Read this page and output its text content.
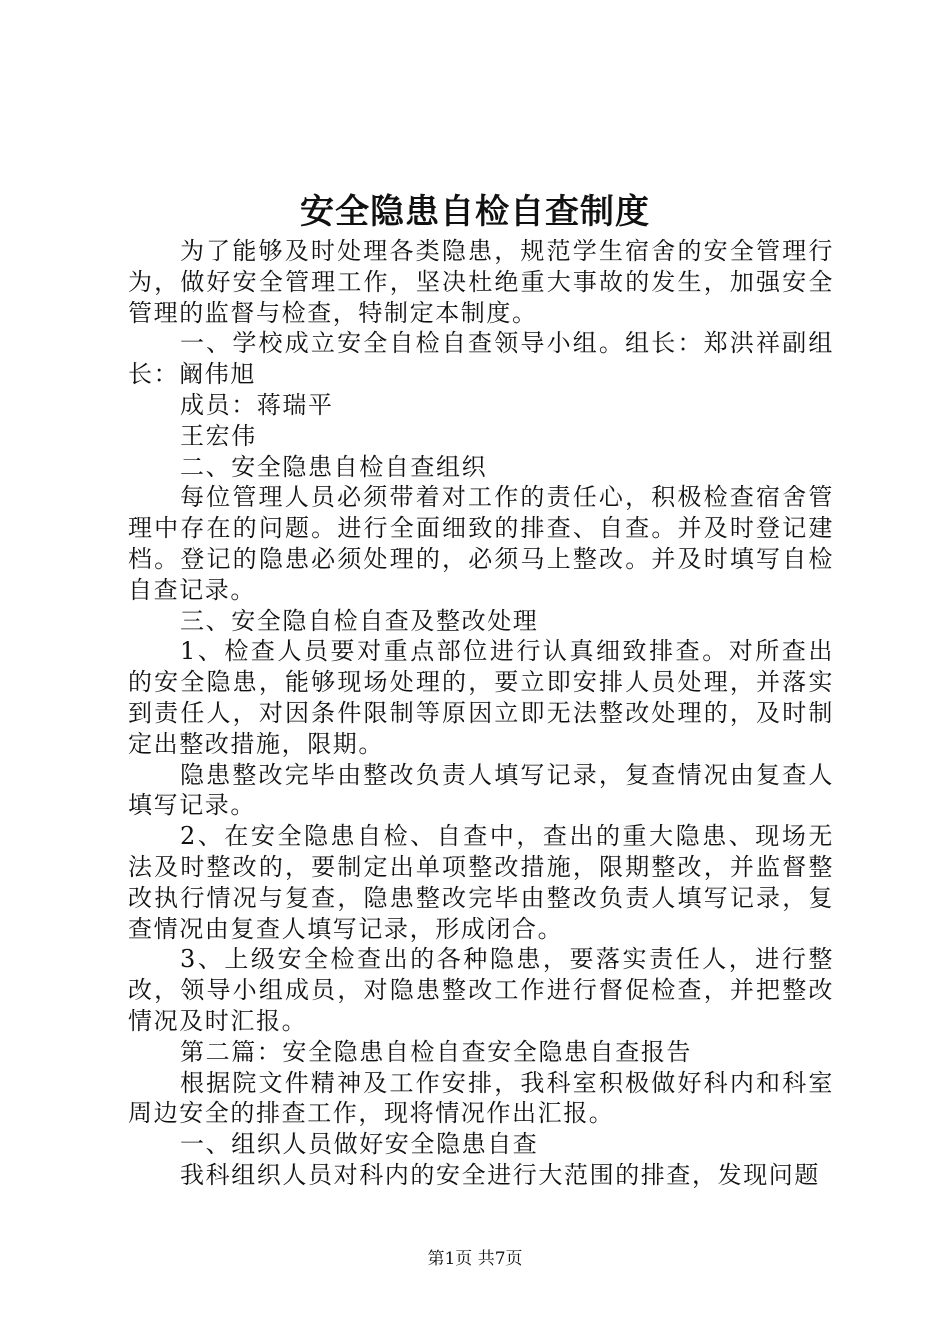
安全隐患自检自查制度

为了能够及时处理各类隐患，规范学生宿舍的安全管理行为，做好安全管理工作，坚决杜绝重大事故的发生，加强安全管理的监督与检查，特制定本制度。

一、学校成立安全自检自查领导小组。组长：郑洪祥副组长：阚伟旭

成员：蒋瑞平

王宏伟

二、安全隐患自检自查组织

每位管理人员必须带着对工作的责任心，积极检查宿舍管理中存在的问题。进行全面细致的排查、自查。并及时登记建档。登记的隐患必须处理的，必须马上整改。并及时填写自检自查记录。

三、安全隐自检自查及整改处理

1、检查人员要对重点部位进行认真细致排查。对所查出的安全隐患，能够现场处理的，要立即安排人员处理，并落实到责任人，对因条件限制等原因立即无法整改处理的，及时制定出整改措施，限期。

隐患整改完毕由整改负责人填写记录，复查情况由复查人填写记录。

2、在安全隐患自检、自查中，查出的重大隐患、现场无法及时整改的，要制定出单项整改措施，限期整改，并监督整改执行情况与复查，隐患整改完毕由整改负责人填写记录，复查情况由复查人填写记录，形成闭合。

3、上级安全检查出的各种隐患，要落实责任人，进行整改，领导小组成员，对隐患整改工作进行督促检查，并把整改情况及时汇报。

第二篇：安全隐患自检自查安全隐患自查报告

根据院文件精神及工作安排，我科室积极做好科内和科室周边安全的排查工作，现将情况作出汇报。

一、组织人员做好安全隐患自查

我科组织人员对科内的安全进行大范围的排查，发现问题

第1页 共7页
